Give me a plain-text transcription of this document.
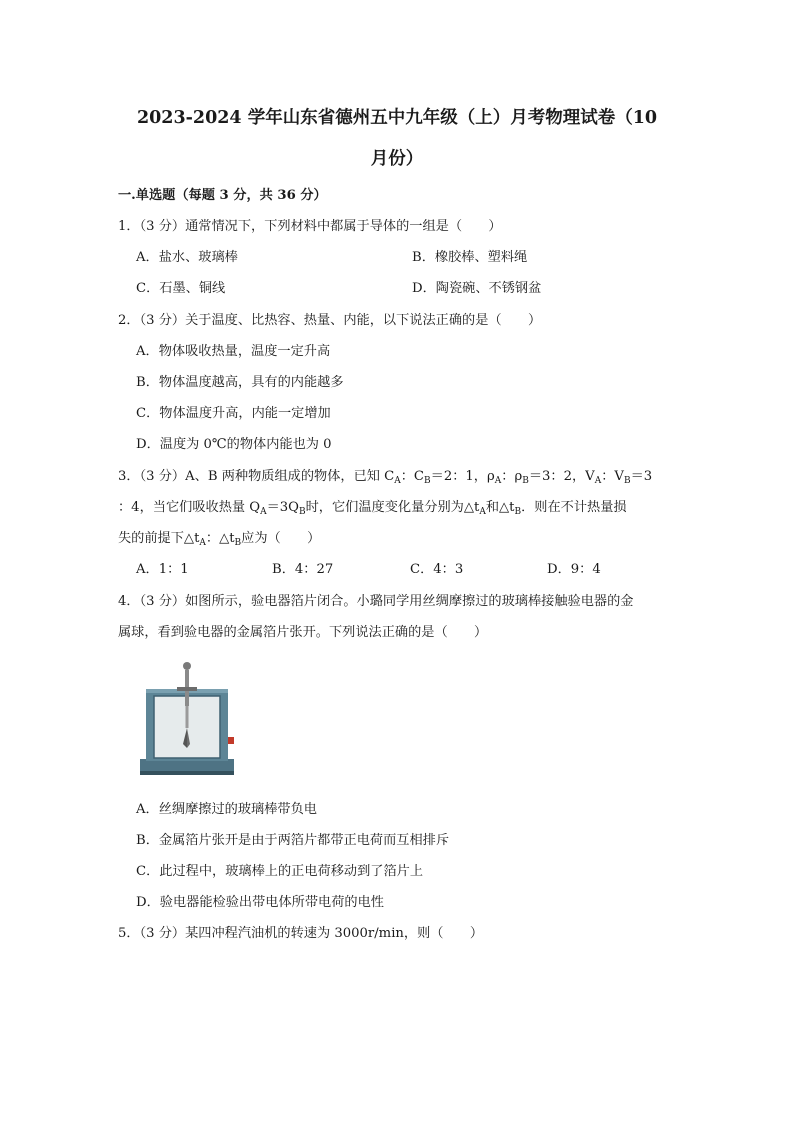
2023-2024 学年山东省德州五中九年级（上）月考物理试卷（10
月份）
一.单选题（每题 3 分，共 36 分）
1．（3 分）通常情况下，下列材料中都属于导体的一组是（　　）
A．盐水、玻璃棒	B．橡胶棒、塑料绳
C．石墨、铜线	D．陶瓷碗、不锈钢盆
2．（3 分）关于温度、比热容、热量、内能，以下说法正确的是（　　）
A．物体吸收热量，温度一定升高
B．物体温度越高，具有的内能越多
C．物体温度升高，内能一定增加
D．温度为 0℃的物体内能也为 0
3．（3 分）A、B 两种物质组成的物体，已知 $C_A$：$C_B=2$：1，$\rho_A$：$\rho_B=3$：2，$V_A$：$V_B=3$
：4，当它们吸收热量 $Q_A=3Q_B$时，它们温度变化量分别为$\triangle t_A$和$\triangle t_B$．则在不计热量损
失的前提下$\triangle t_A$：$\triangle t_B$应为（　　）
A．1：1	B．4：27	C．4：3	D．9：4
4．（3 分）如图所示，验电器箔片闭合。小璐同学用丝绸摩擦过的玻璃棒接触验电器的金
属球，看到验电器的金属箔片张开。下列说法正确的是（　　）
A．丝绸摩擦过的玻璃棒带负电
B．金属箔片张开是由于两箔片都带正电荷而互相排斥
C．此过程中，玻璃棒上的正电荷移动到了箔片上
D．验电器能检验出带电体所带电荷的电性
5．（3 分）某四冲程汽油机的转速为 3000r/min，则（　　）
